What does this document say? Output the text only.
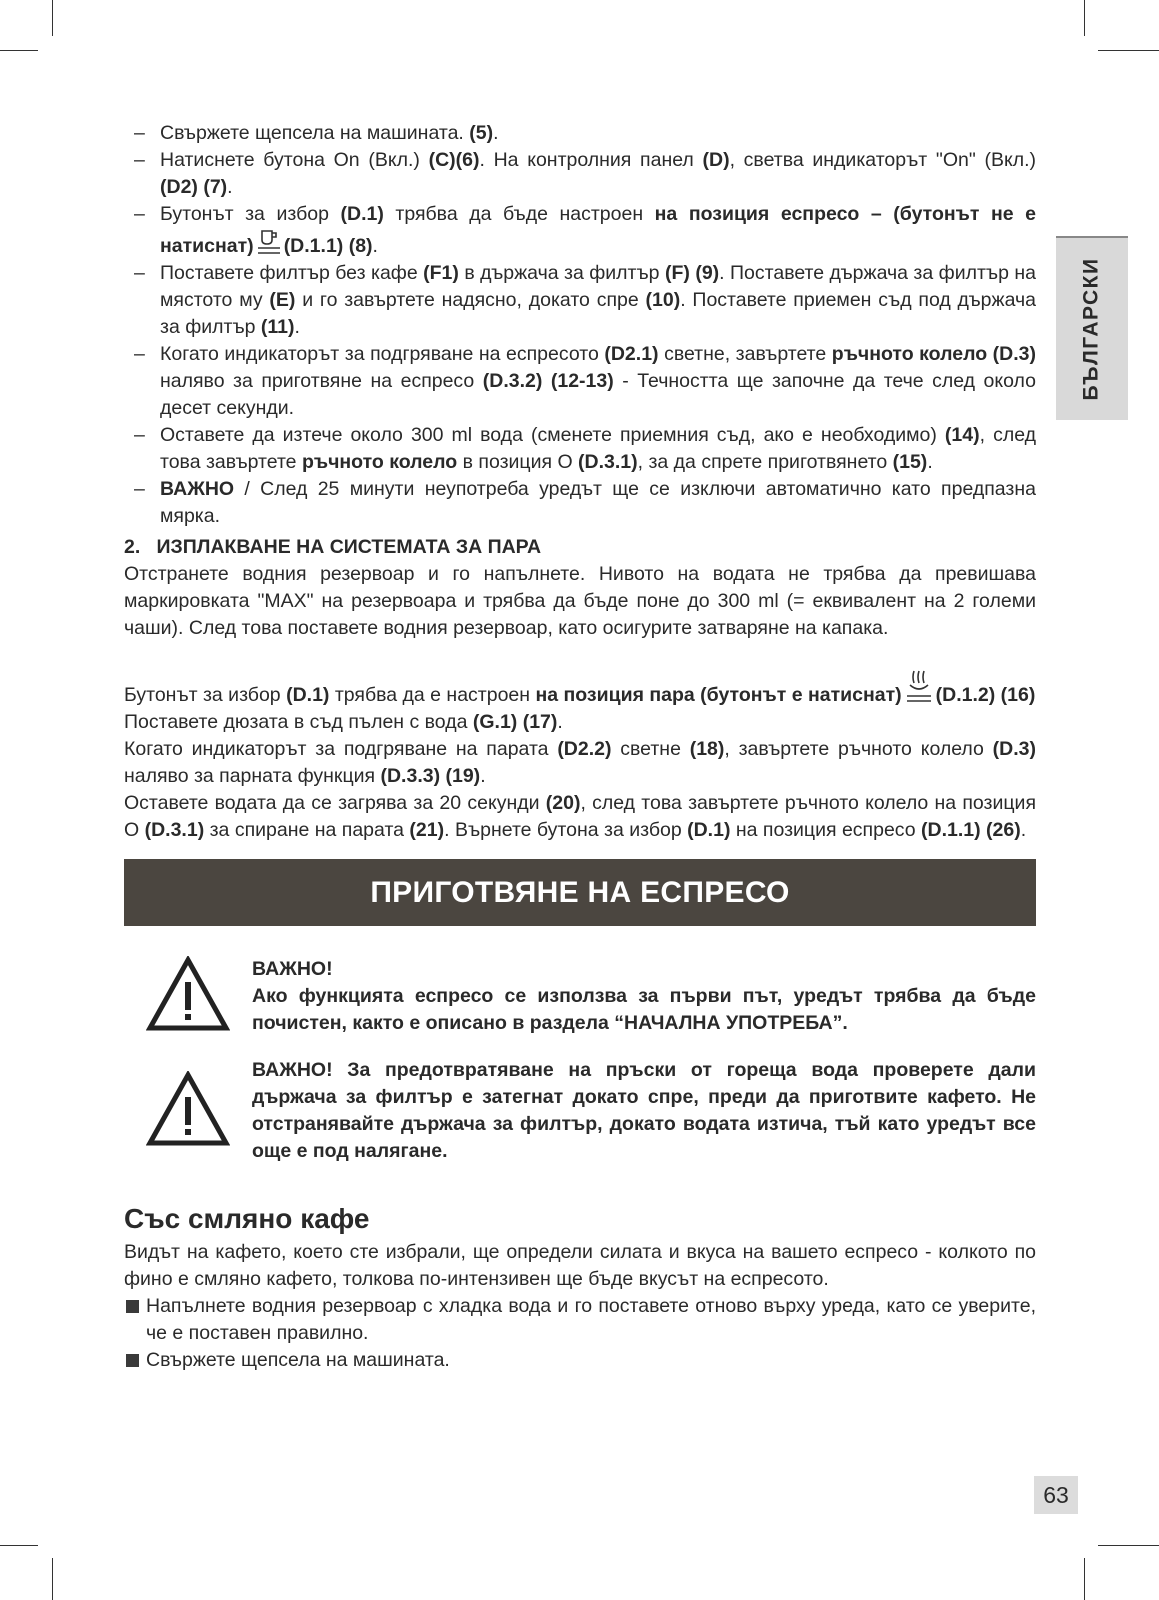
БЪЛГАРСКИ
– Свържете щепсела на машината. (5).
– Натиснете бутона On (Вкл.) (C)(6). На контролния панел (D), светва индикаторът "On" (Вкл.) (D2) (7).
– Бутонът за избор (D.1) трябва да бъде настроен на позиция еспресо – (бутонът не е натиснат) (D.1.1) (8).
– Поставете филтър без кафе (F1) в държача за филтър (F) (9). Поставете държача за филтър на мястото му (E) и го завъртете надясно, докато спре (10). Поставете приемен съд под държача за филтър (11).
– Когато индикаторът за подгряване на еспресото (D2.1) светне, завъртете ръчното колело (D.3) наляво за приготвяне на еспресо (D.3.2) (12-13) - Течността ще започне да тече след около десет секунди.
– Оставете да изтече около 300 ml вода (сменете приемния съд, ако е необходимо) (14), след това завъртете ръчното колело в позиция O (D.3.1), за да спрете приготвянето (15).
– ВАЖНО / След 25 минути неупотреба уредът ще се изключи автоматично като предпазна мярка.
2.   ИЗПЛАКВАНЕ НА СИСТЕМАТА ЗА ПАРА

Отстранете водния резервоар и го напълнете. Нивото на водата не трябва да превишава маркировката "MAX" на резервоара и трябва да бъде поне до 300 ml (= еквивалент на 2 големи чаши). След това поставете водния резервоар, като осигурите затваряне на капака.

Бутонът за избор (D.1) трябва да е настроен на позиция пара (бутонът е натиснат) (D.1.2) (16)

Поставете дюзата в съд пълен с вода (G.1) (17).

Когато индикаторът за подгряване на парата (D2.2) светне (18), завъртете ръчното колело (D.3) наляво за парната функция (D.3.3) (19).

Оставете водата да се загрява за 20 секунди (20), след това завъртете ръчното колело на позиция O (D.3.1) за спиране на парата (21). Върнете бутона за избор (D.1) на позиция еспресо (D.1.1) (26).

ПРИГОТВЯНЕ НА ЕСПРЕСО
ВАЖНО!
Ако функцията еспресо се използва за първи път, уредът трябва да бъде почистен, както е описано в раздела “НАЧАЛНА УПОТРЕБА”.
ВАЖНО! За предотвратяване на пръски от гореща вода проверете дали държача за филтър е затегнат докато спре, преди да приготвите кафето. Не отстранявайте държача за филтър, докато водата изтича, тъй като уредът все още е под налягане.
Със смляно кафе

Видът на кафето, което сте избрали, ще определи силата и вкуса на вашето еспресо - колкото по фино е смляно кафето, толкова по-интензивен ще бъде вкусът на еспресото.

Напълнете водния резервоар с хладка вода и го поставете отново върху уреда, като се уверите, че е поставен правилно.
Свържете щепсела на машината.
63
